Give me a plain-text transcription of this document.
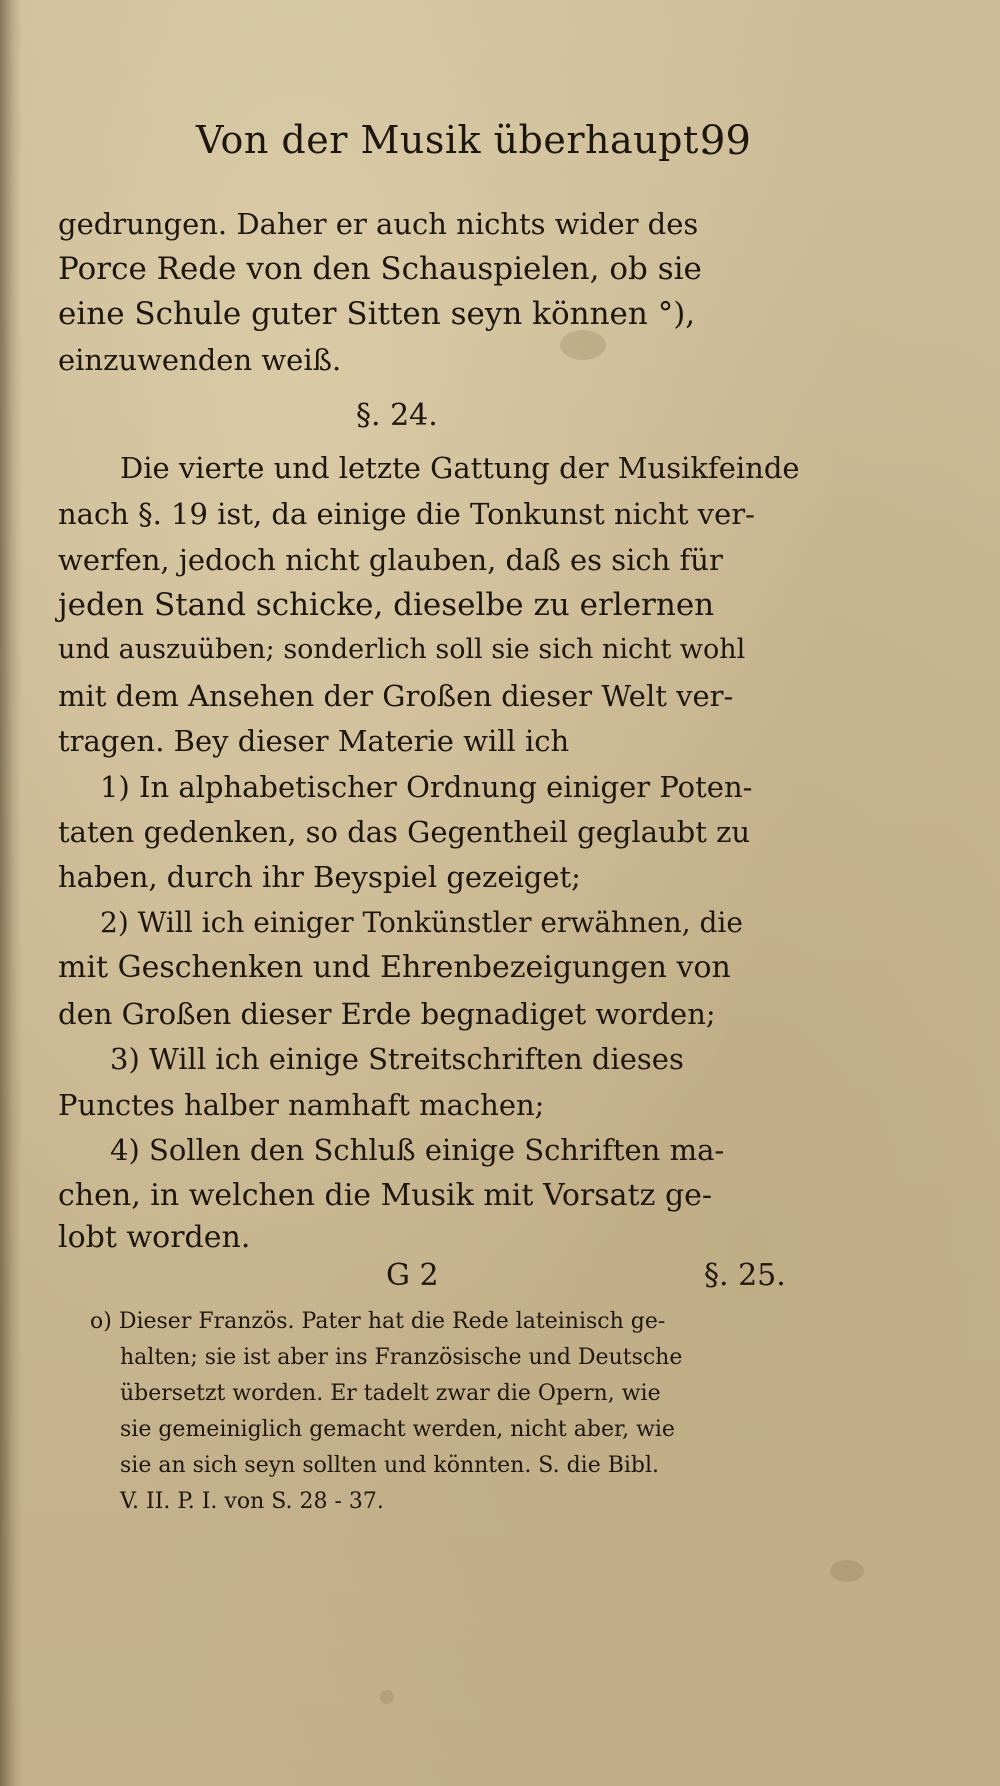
Von der Musik überhaupt.
99
gedrungen. Daher er auch nichts wider des
Porce Rede von den Schauspielen, ob sie
eine Schule guter Sitten seyn können °),
einzuwenden weiß.
§. 24.
Die vierte und letzte Gattung der Musikfeinde
nach §. 19 ist, da einige die Tonkunst nicht ver-
werfen, jedoch nicht glauben, daß es sich für
jeden Stand schicke, dieselbe zu erlernen
und auszuüben; sonderlich soll sie sich nicht wohl
mit dem Ansehen der Großen dieser Welt ver-
tragen. Bey dieser Materie will ich
1) In alphabetischer Ordnung einiger Poten-
taten gedenken, so das Gegentheil geglaubt zu
haben, durch ihr Beyspiel gezeiget;
2) Will ich einiger Tonkünstler erwähnen, die
mit Geschenken und Ehrenbezeigungen von
den Großen dieser Erde begnadiget worden;
3) Will ich einige Streitschriften dieses
Punctes halber namhaft machen;
4) Sollen den Schluß einige Schriften ma-
chen, in welchen die Musik mit Vorsatz ge-
lobt worden.
G 2	§. 25.
o) Dieser Französ. Pater hat die Rede lateinisch ge-
halten; sie ist aber ins Französische und Deutsche
übersetzt worden. Er tadelt zwar die Opern, wie
sie gemeiniglich gemacht werden, nicht aber, wie
sie an sich seyn sollten und könnten. S. die Bibl.
V. II. P. I. von S. 28 - 37.
